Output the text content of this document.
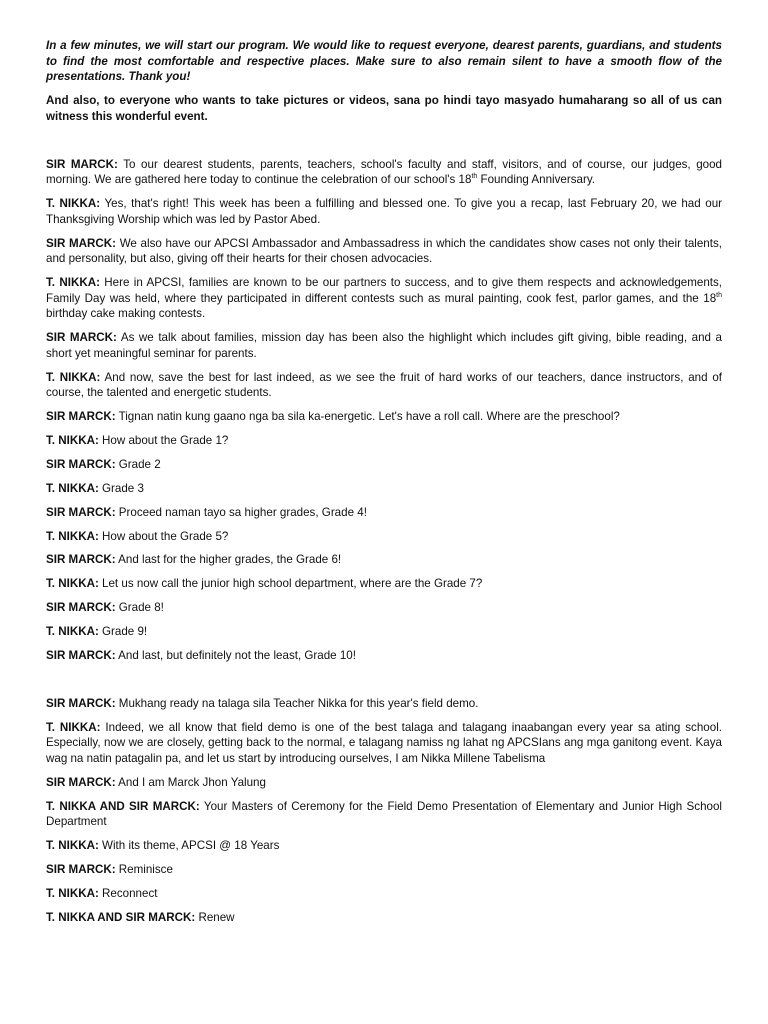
In a few minutes, we will start our program. We would like to request everyone, dearest parents, guardians, and students to find the most comfortable and respective places. Make sure to also remain silent to have a smooth flow of the presentations. Thank you!

And also, to everyone who wants to take pictures or videos, sana po hindi tayo masyado humaharang so all of us can witness this wonderful event.

SIR MARCK: To our dearest students, parents, teachers, school's faculty and staff, visitors, and of course, our judges, good morning. We are gathered here today to continue the celebration of our school's 18th Founding Anniversary.

T. NIKKA: Yes, that's right! This week has been a fulfilling and blessed one. To give you a recap, last February 20, we had our Thanksgiving Worship which was led by Pastor Abed.

SIR MARCK: We also have our APCSI Ambassador and Ambassadress in which the candidates show cases not only their talents, and personality, but also, giving off their hearts for their chosen advocacies.

T. NIKKA: Here in APCSI, families are known to be our partners to success, and to give them respects and acknowledgements, Family Day was held, where they participated in different contests such as mural painting, cook fest, parlor games, and the 18th birthday cake making contests.

SIR MARCK: As we talk about families, mission day has been also the highlight which includes gift giving, bible reading, and a short yet meaningful seminar for parents.

T. NIKKA: And now, save the best for last indeed, as we see the fruit of hard works of our teachers, dance instructors, and of course, the talented and energetic students.

SIR MARCK: Tignan natin kung gaano nga ba sila ka-energetic. Let's have a roll call. Where are the preschool?

T. NIKKA: How about the Grade 1?

SIR MARCK: Grade 2

T. NIKKA: Grade 3

SIR MARCK: Proceed naman tayo sa higher grades, Grade 4!

T. NIKKA: How about the Grade 5?

SIR MARCK: And last for the higher grades, the Grade 6!

T. NIKKA: Let us now call the junior high school department, where are the Grade 7?

SIR MARCK: Grade 8!

T. NIKKA: Grade 9!

SIR MARCK: And last, but definitely not the least, Grade 10!

SIR MARCK: Mukhang ready na talaga sila Teacher Nikka for this year's field demo.

T. NIKKA: Indeed, we all know that field demo is one of the best talaga and talagang inaabangan every year sa ating school. Especially, now we are closely, getting back to the normal, e talagang namiss ng lahat ng APCSIans ang mga ganitong event. Kaya wag na natin patagalin pa, and let us start by introducing ourselves, I am Nikka Millene Tabelisma

SIR MARCK: And I am Marck Jhon Yalung

T. NIKKA AND SIR MARCK: Your Masters of Ceremony for the Field Demo Presentation of Elementary and Junior High School Department

T. NIKKA: With its theme, APCSI @ 18 Years

SIR MARCK: Reminisce

T. NIKKA: Reconnect

T. NIKKA AND SIR MARCK: Renew
